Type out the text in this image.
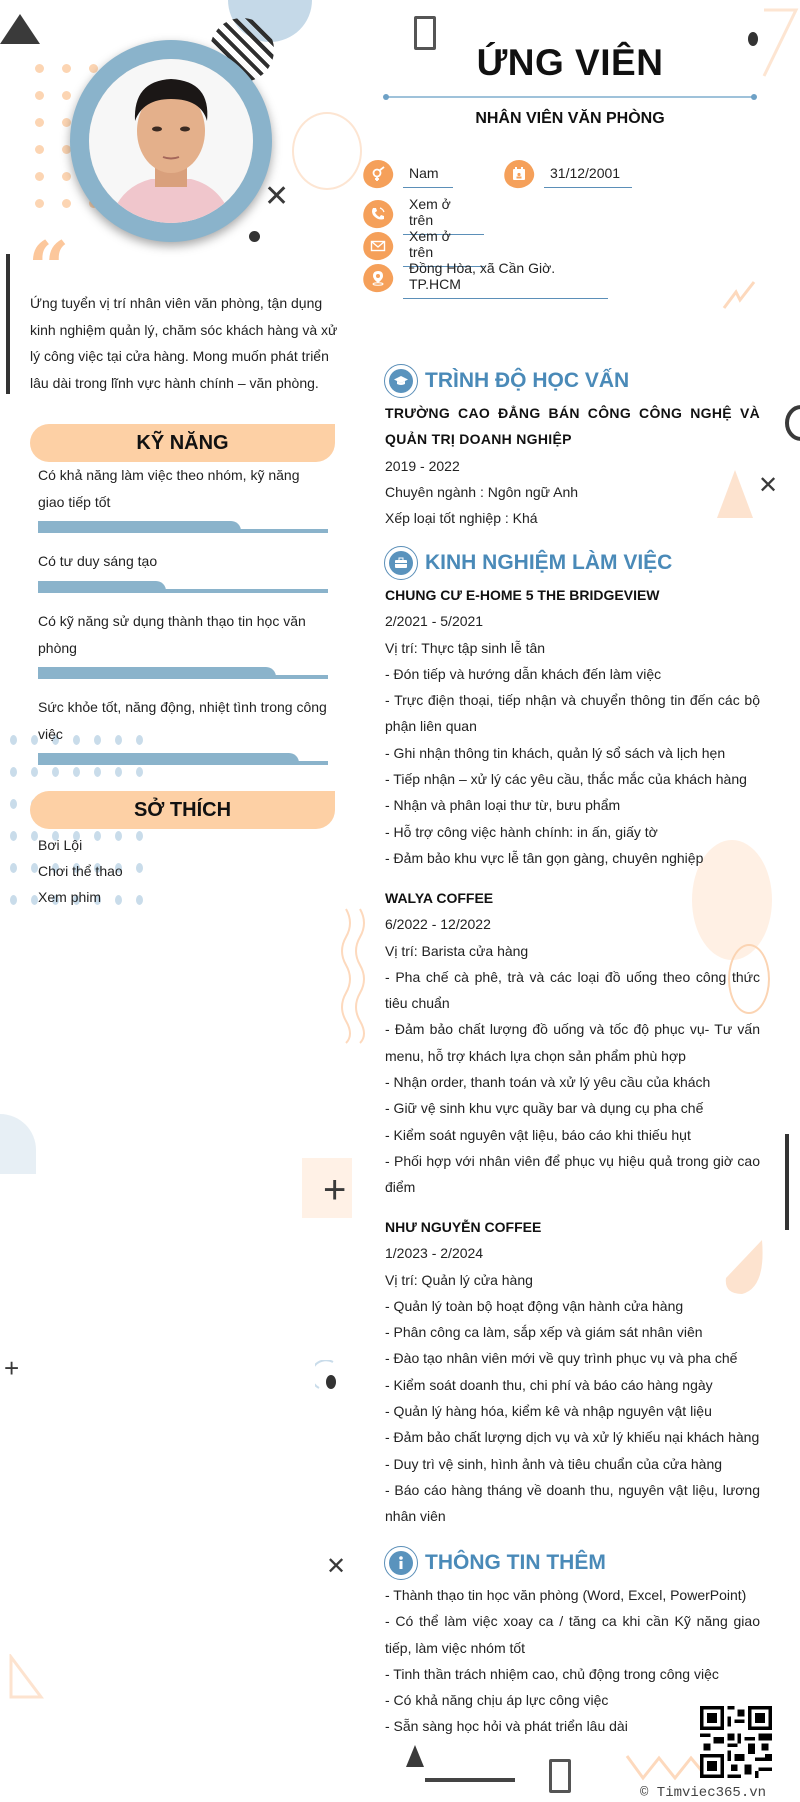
✕
✕
+
+
✕
“

Ứng tuyển vị trí nhân viên văn phòng, tận dụng kinh nghiệm quản lý, chăm sóc khách hàng và xử lý công việc tại cửa hàng. Mong muốn phát triển lâu dài trong lĩnh vực hành chính – văn phòng.

KỸ NĂNG
Có khả năng làm việc theo nhóm, kỹ năng giao tiếp tốt
Có tư duy sáng tạo
Có kỹ năng sử dụng thành thạo tin học văn phòng
Sức khỏe tốt, năng động, nhiệt tình trong công việc
SỞ THÍCH
Bơi Lội
Chơi thể thao
Xem phim
ỨNG VIÊN
NHÂN VIÊN VĂN PHÒNG
Nam	31/12/2001
Xem ở trên
Xem ở trên
Đồng Hòa, xã Cần Giờ. TP.HCM
TRÌNH ĐỘ HỌC VẤN
TRƯỜNG CAO ĐẲNG BÁN CÔNG CÔNG NGHỆ VÀ QUẢN TRỊ DOANH NGHIỆP
2019 - 2022
Chuyên ngành : Ngôn ngữ Anh
Xếp loại tốt nghiệp : Khá
KINH NGHIỆM LÀM VIỆC
CHUNG CƯ E-HOME 5 THE BRIDGEVIEW
2/2021 - 5/2021
Vị trí: Thực tập sinh lễ tân
- Đón tiếp và hướng dẫn khách đến làm việc
- Trực điện thoại, tiếp nhận và chuyển thông tin đến các bộ phận liên quan
- Ghi nhận thông tin khách, quản lý sổ sách và lịch hẹn
- Tiếp nhận – xử lý các yêu cầu, thắc mắc của khách hàng
- Nhận và phân loại thư từ, bưu phẩm
- Hỗ trợ công việc hành chính: in ấn, giấy tờ
- Đảm bảo khu vực lễ tân gọn gàng, chuyên nghiệp
WALYA COFFEE
6/2022 - 12/2022
Vị trí: Barista cửa hàng
- Pha chế cà phê, trà và các loại đồ uống theo công thức tiêu chuẩn
- Đảm bảo chất lượng đồ uống và tốc độ phục vụ- Tư vấn menu, hỗ trợ khách lựa chọn sản phẩm phù hợp
- Nhận order, thanh toán và xử lý yêu cầu của khách
- Giữ vệ sinh khu vực quầy bar và dụng cụ pha chế
- Kiểm soát nguyên vật liệu, báo cáo khi thiếu hụt
- Phối hợp với nhân viên để phục vụ hiệu quả trong giờ cao điểm
NHƯ NGUYỄN COFFEE
1/2023 - 2/2024
Vị trí: Quản lý cửa hàng
- Quản lý toàn bộ hoạt động vận hành cửa hàng
- Phân công ca làm, sắp xếp và giám sát nhân viên
- Đào tạo nhân viên mới về quy trình phục vụ và pha chế
- Kiểm soát doanh thu, chi phí và báo cáo hàng ngày
- Quản lý hàng hóa, kiểm kê và nhập nguyên vật liệu
- Đảm bảo chất lượng dịch vụ và xử lý khiếu nại khách hàng
- Duy trì vệ sinh, hình ảnh và tiêu chuẩn của cửa hàng
- Báo cáo hàng tháng về doanh thu, nguyên vật liệu, lương nhân viên
THÔNG TIN THÊM
- Thành thạo tin học văn phòng (Word, Excel, PowerPoint)
- Có thể làm việc xoay ca / tăng ca khi cần Kỹ năng giao tiếp, làm việc nhóm tốt
- Tinh thần trách nhiệm cao, chủ động trong công việc
- Có khả năng chịu áp lực công việc
- Sẵn sàng học hỏi và phát triển lâu dài
© Timviec365.vn
